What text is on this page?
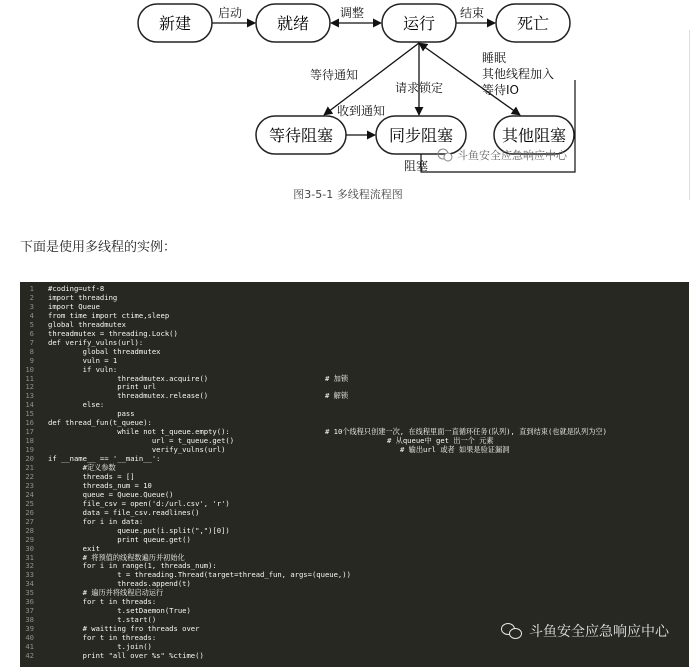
新建	就绪	运行	死亡
等待阻塞	同步阻塞	其他阻塞
启动	调整	结束
等待通知
请求锁定
睡眠
其他线程加入
等待IO
收到通知
阻塞
斗鱼安全应急响应中心
图3-5-1 多线程流程图
下面是使用多线程的实例：
1 #coding=utf-8
2 import threading
3 import Queue
4 from time import ctime,sleep
5 global threadmutex
6 threadmutex = threading.Lock()
7 def verify_vulns(url):
8        global threadmutex
9        vuln = 1
10        if vuln:
11                threadmutex.acquire()
12                print url
13                threadmutex.release()
14        else:
15                pass
16 def thread_fun(t_queue):
17                while not t_queue.empty():
18                        url = t_queue.get()
19                        verify_vulns(url)
20 if __name__ == '__main__':
21        #定义参数
22        threads = []
23        threads_num = 10
24        queue = Queue.Queue()
25        file_csv = open('d:/url.csv', 'r')
26        data = file_csv.readlines()
27        for i in data:
28                queue.put(i.split(",")[0])
29                print queue.get()
30        exit
31        # 将预值的线程数遍历并初始化
32        for i in range(1, threads_num):
33                t = threading.Thread(target=thread_fun, args=(queue,))
34                threads.append(t)
35        # 遍历并将线程启动运行
36        for t in threads:
37                t.setDaemon(True)
38                t.start()
39        # waitting fro threads over
40        for t in threads:
41                t.join()
42        print "all over %s" %ctime()
# 加锁
# 解锁
# 10个线程只创建一次, 在线程里面一直循环任务(队列), 直到结束(也就是队列为空)
# 从queue中 get 出一个 元素
# 输出url 或者 如果是验证漏洞
斗鱼安全应急响应中心
